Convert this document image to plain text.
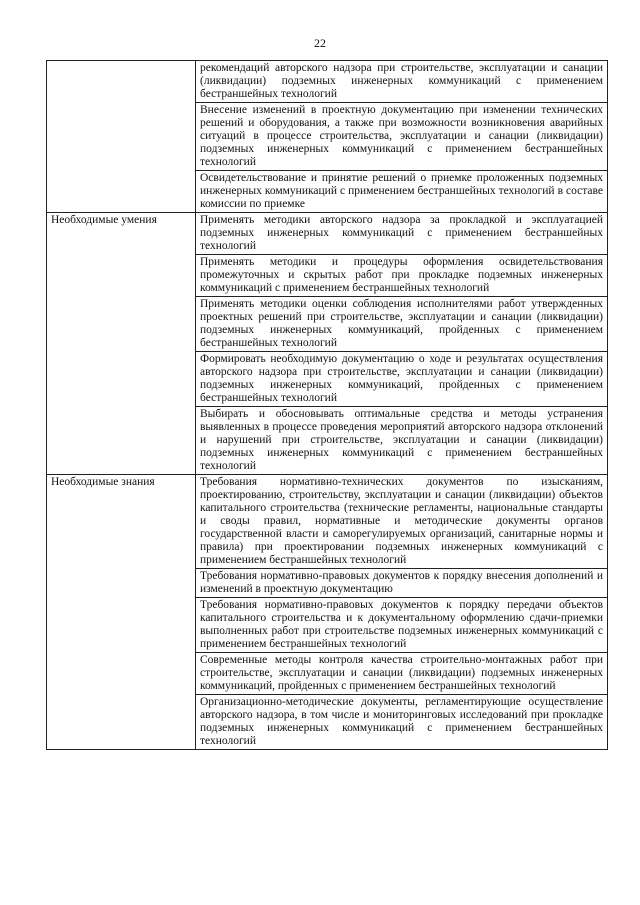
22
	рекомендаций авторского надзора при строительстве, эксплуатации и санации (ликвидации) подземных инженерных коммуникаций с применением бестраншейных технологий
	Внесение изменений в проектную документацию при изменении технических решений и оборудования, а также при возможности возникновения аварийных ситуаций в процессе строительства, эксплуатации и санации (ликвидации) подземных инженерных коммуникаций с применением бестраншейных технологий
	Освидетельствование и принятие решений о приемке проложенных подземных инженерных коммуникаций с применением бестраншейных технологий в составе комиссии по приемке
Необходимые умения	Применять методики авторского надзора за прокладкой и эксплуатацией подземных инженерных коммуникаций с применением бестраншейных технологий
	Применять методики и процедуры оформления освидетельствования промежуточных и скрытых работ при прокладке подземных инженерных коммуникаций с применением бестраншейных технологий
	Применять методики оценки соблюдения исполнителями работ утвержденных проектных решений при строительстве, эксплуатации и санации (ликвидации) подземных инженерных коммуникаций, пройденных с применением бестраншейных технологий
	Формировать необходимую документацию о ходе и результатах осуществления авторского надзора при строительстве, эксплуатации и санации (ликвидации) подземных инженерных коммуникаций, пройденных с применением бестраншейных технологий
	Выбирать и обосновывать оптимальные средства и методы устранения выявленных в процессе проведения мероприятий авторского надзора отклонений и нарушений при строительстве, эксплуатации и санации (ликвидации) подземных инженерных коммуникаций с применением бестраншейных технологий
Необходимые знания	Требования нормативно-технических документов по изысканиям, проектированию, строительству, эксплуатации и санации (ликвидации) объектов капитального строительства (технические регламенты, национальные стандарты и своды правил, нормативные и методические документы органов государственной власти и саморегулируемых организаций, санитарные нормы и правила) при проектировании подземных инженерных коммуникаций с применением бестраншейных технологий
	Требования нормативно-правовых документов к порядку внесения дополнений и изменений в проектную документацию
	Требования нормативно-правовых документов к порядку передачи объектов капитального строительства и к документальному оформлению сдачи-приемки выполненных работ при строительстве подземных инженерных коммуникаций с применением бестраншейных технологий
	Современные методы контроля качества строительно-монтажных работ при строительстве, эксплуатации и санации (ликвидации) подземных инженерных коммуникаций, пройденных с применением бестраншейных технологий
	Организационно-методические документы, регламентирующие осуществление авторского надзора, в том числе и мониторинговых исследований при прокладке подземных инженерных коммуникаций с применением бестраншейных технологий
